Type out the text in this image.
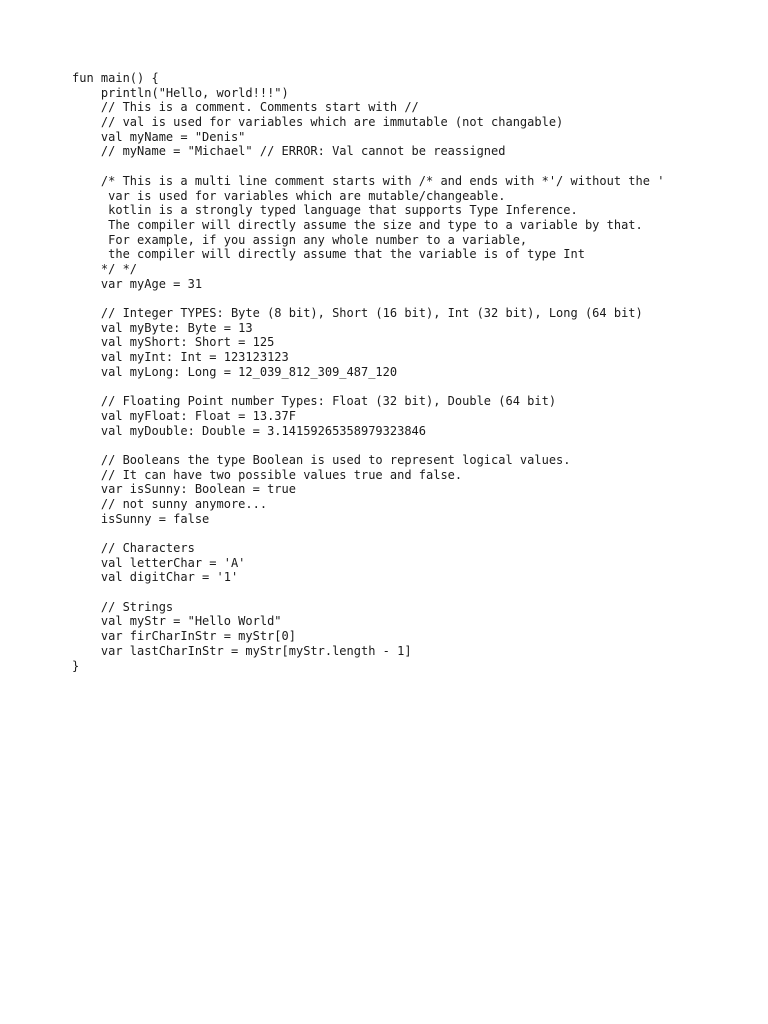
fun main() {
println("Hello, world!!!")
// This is a comment. Comments start with //
// val is used for variables which are immutable (not changable)
val myName = "Denis"
// myName = "Michael" // ERROR: Val cannot be reassigned
/* This is a multi line comment starts with /* and ends with *'/ without the '
var is used for variables which are mutable/changeable.
kotlin is a strongly typed language that supports Type Inference.
The compiler will directly assume the size and type to a variable by that.
For example, if you assign any whole number to a variable,
the compiler will directly assume that the variable is of type Int
*/ */
var myAge = 31
// Integer TYPES: Byte (8 bit), Short (16 bit), Int (32 bit), Long (64 bit)
val myByte: Byte = 13
val myShort: Short = 125
val myInt: Int = 123123123
val myLong: Long = 12_039_812_309_487_120
// Floating Point number Types: Float (32 bit), Double (64 bit)
val myFloat: Float = 13.37F
val myDouble: Double = 3.14159265358979323846
// Booleans the type Boolean is used to represent logical values.
// It can have two possible values true and false.
var isSunny: Boolean = true
// not sunny anymore...
isSunny = false
// Characters
val letterChar = 'A'
val digitChar = '1'
// Strings
val myStr = "Hello World"
var firCharInStr = myStr[0]
var lastCharInStr = myStr[myStr.length - 1]
}
